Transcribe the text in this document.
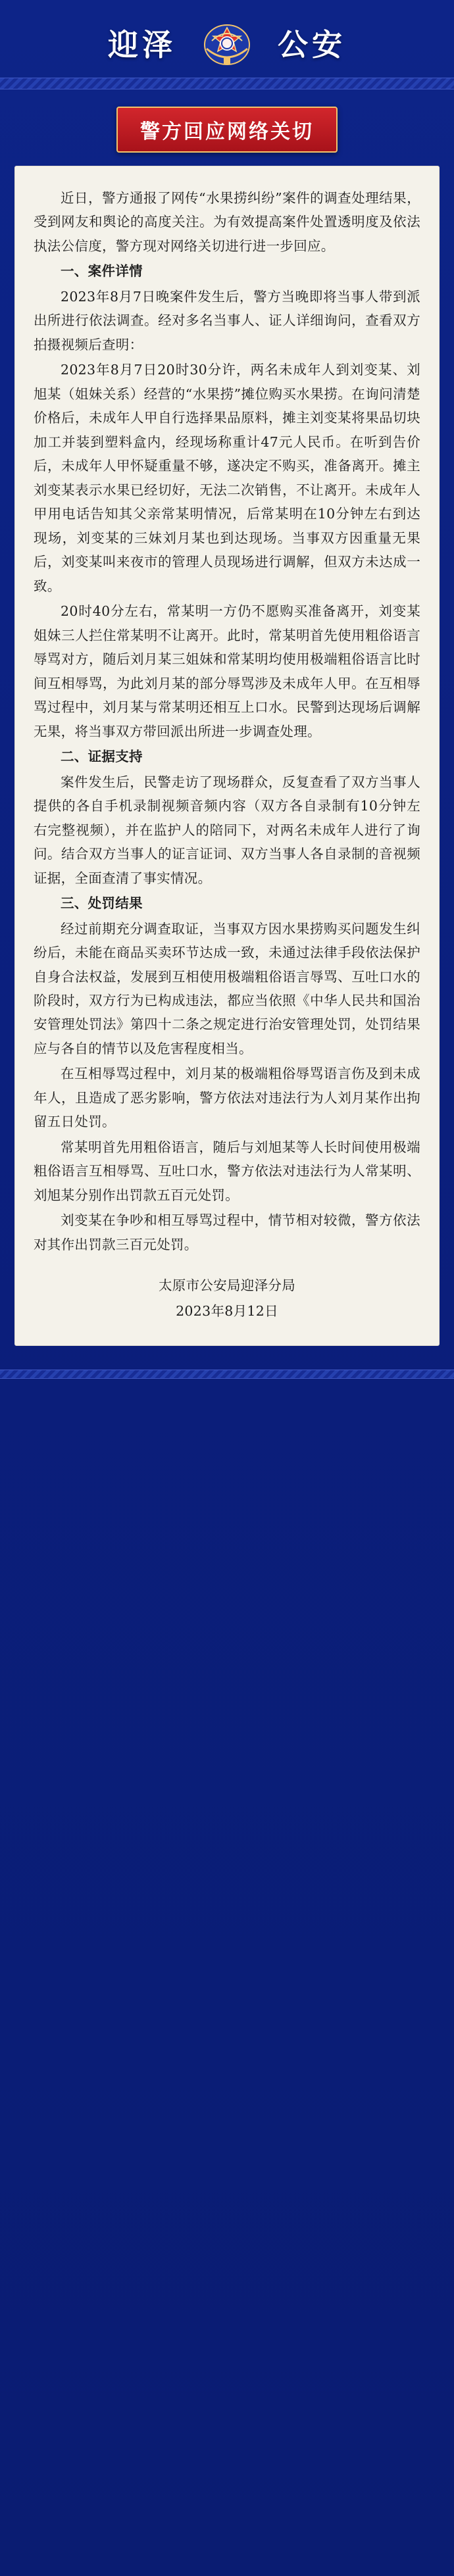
迎泽	公安
警方回应网络关切

近日，警方通报了网传“水果捞纠纷”案件的调查处理结果，受到网友和舆论的高度关注。为有效提高案件处置透明度及依法执法公信度，警方现对网络关切进行进一步回应。

一、案件详情

2023年8月7日晚案件发生后，警方当晚即将当事人带到派出所进行依法调查。经对多名当事人、证人详细询问，查看双方拍摄视频后查明：

2023年8月7日20时30分许，两名未成年人到刘变某、刘旭某（姐妹关系）经营的“水果捞”摊位购买水果捞。在询问清楚价格后，未成年人甲自行选择果品原料，摊主刘变某将果品切块加工并装到塑料盒内，经现场称重计47元人民币。在听到告价后，未成年人甲怀疑重量不够，遂决定不购买，准备离开。摊主刘变某表示水果已经切好，无法二次销售，不让离开。未成年人甲用电话告知其父亲常某明情况，后常某明在10分钟左右到达现场，刘变某的三妹刘月某也到达现场。当事双方因重量无果后，刘变某叫来夜市的管理人员现场进行调解，但双方未达成一致。

20时40分左右，常某明一方仍不愿购买准备离开，刘变某姐妹三人拦住常某明不让离开。此时，常某明首先使用粗俗语言辱骂对方，随后刘月某三姐妹和常某明均使用极端粗俗语言比时间互相辱骂，为此刘月某的部分辱骂涉及未成年人甲。在互相辱骂过程中，刘月某与常某明还相互上口水。民警到达现场后调解无果，将当事双方带回派出所进一步调查处理。

二、证据支持

案件发生后，民警走访了现场群众，反复查看了双方当事人提供的各自手机录制视频音频内容（双方各自录制有10分钟左右完整视频），并在监护人的陪同下，对两名未成年人进行了询问。结合双方当事人的证言证词、双方当事人各自录制的音视频证据，全面查清了事实情况。

三、处罚结果

经过前期充分调查取证，当事双方因水果捞购买问题发生纠纷后，未能在商品买卖环节达成一致，未通过法律手段依法保护自身合法权益，发展到互相使用极端粗俗语言辱骂、互吐口水的阶段时，双方行为已构成违法，都应当依照《中华人民共和国治安管理处罚法》第四十二条之规定进行治安管理处罚，处罚结果应与各自的情节以及危害程度相当。

在互相辱骂过程中，刘月某的极端粗俗辱骂语言伤及到未成年人，且造成了恶劣影响，警方依法对违法行为人刘月某作出拘留五日处罚。

常某明首先用粗俗语言，随后与刘旭某等人长时间使用极端粗俗语言互相辱骂、互吐口水，警方依法对违法行为人常某明、刘旭某分别作出罚款五百元处罚。

刘变某在争吵和相互辱骂过程中，情节相对较微，警方依法对其作出罚款三百元处罚。

太原市公安局迎泽分局

2023年8月12日
